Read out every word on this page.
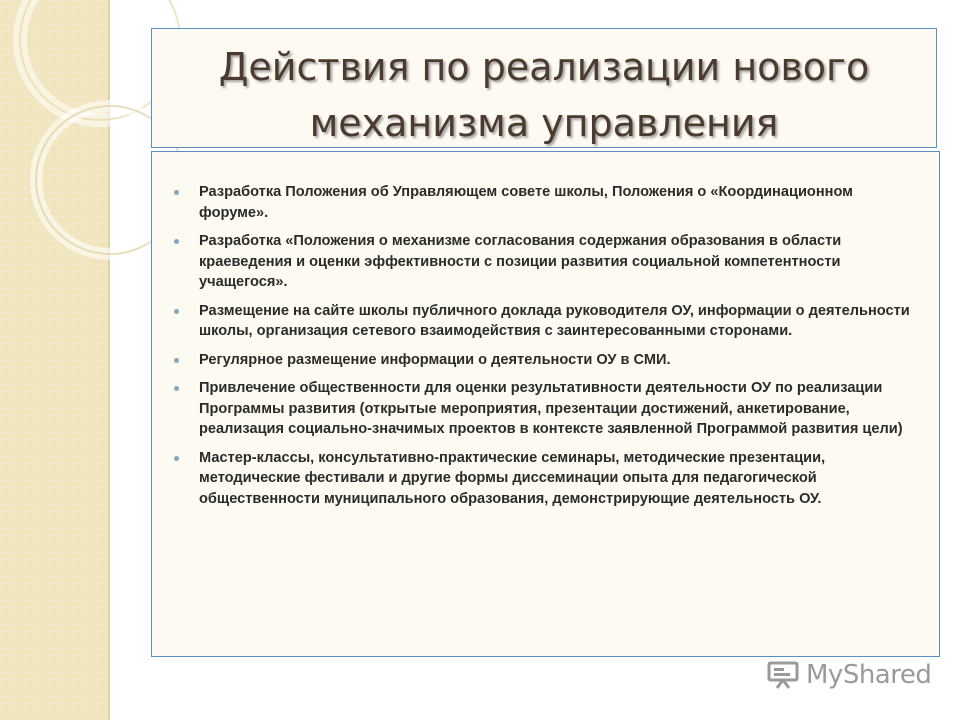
Действия по реализации нового
механизма управления
Разработка Положения об Управляющем совете школы, Положения о «Координационном форуме».
Разработка «Положения о механизме согласования содержания образования в области краеведения и оценки эффективности с позиции развития социальной компетентности учащегося».
Размещение на сайте школы публичного доклада руководителя ОУ, информации о деятельности школы, организация сетевого взаимодействия с заинтересованными сторонами.
Регулярное размещение информации о деятельности ОУ в СМИ.
Привлечение общественности для оценки результативности деятельности ОУ по реализации Программы развития (открытые мероприятия, презентации достижений, анкетирование, реализация социально-значимых проектов в контексте заявленной Программой развития цели)
Мастер-классы, консультативно-практические семинары, методические презентации, методические фестивали и другие формы диссеминации опыта для педагогической общественности муниципального образования, демонстрирующие деятельность ОУ.
MyShared
